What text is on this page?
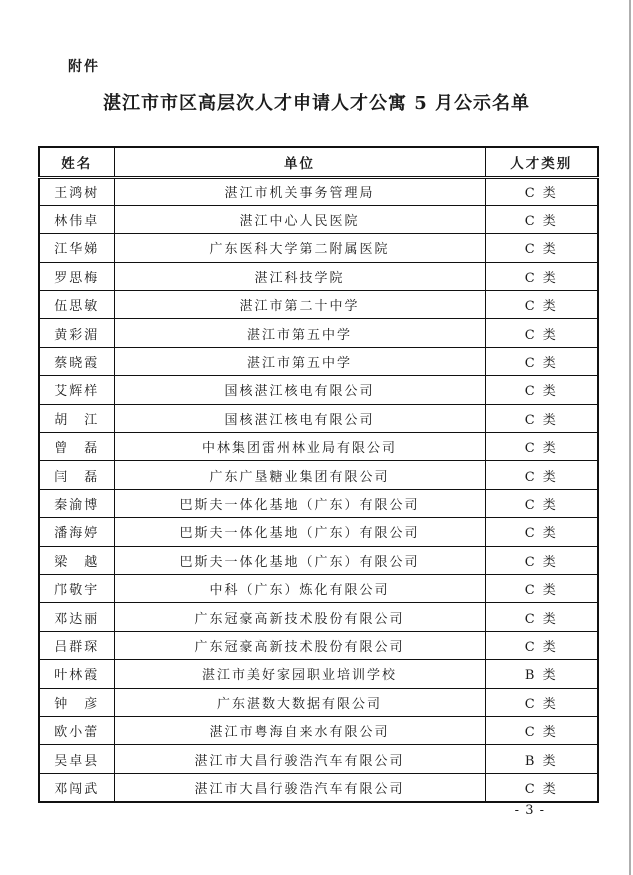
附件
湛江市市区高层次人才申请人才公寓 5 月公示名单
姓名	单位	人才类别
王鸿树	湛江市机关事务管理局	C 类
林伟卓	湛江中心人民医院	C 类
江华娣	广东医科大学第二附属医院	C 类
罗思梅	湛江科技学院	C 类
伍思敏	湛江市第二十中学	C 类
黄彩湄	湛江市第五中学	C 类
蔡晓霞	湛江市第五中学	C 类
艾辉样	国核湛江核电有限公司	C 类
胡　江	国核湛江核电有限公司	C 类
曾　磊	中林集团雷州林业局有限公司	C 类
闫　磊	广东广垦糖业集团有限公司	C 类
秦渝博	巴斯夫一体化基地（广东）有限公司	C 类
潘海婷	巴斯夫一体化基地（广东）有限公司	C 类
梁　越	巴斯夫一体化基地（广东）有限公司	C 类
邝敬宇	中科（广东）炼化有限公司	C 类
邓达丽	广东冠豪高新技术股份有限公司	C 类
吕群琛	广东冠豪高新技术股份有限公司	C 类
叶林霞	湛江市美好家园职业培训学校	B 类
钟　彦	广东湛数大数据有限公司	C 类
欧小蕾	湛江市粤海自来水有限公司	C 类
吴卓县	湛江市大昌行骏浩汽车有限公司	B 类
邓闯武	湛江市大昌行骏浩汽车有限公司	C 类
- 3 -
